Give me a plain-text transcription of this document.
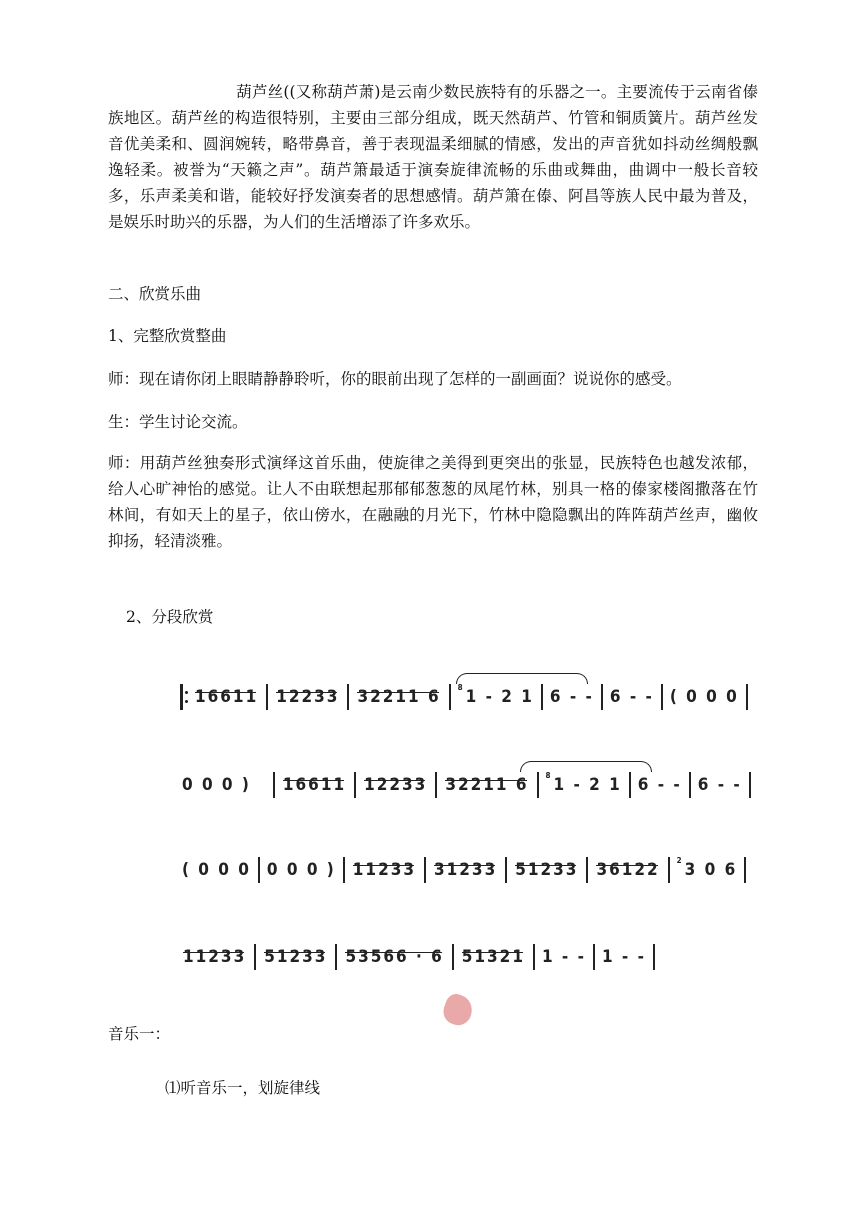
葫芦丝((又称葫芦萧)是云南少数民族特有的乐器之一。主要流传于云南省傣族地区。葫芦丝的构造很特别，主要由三部分组成，既天然葫芦、竹管和铜质簧片。葫芦丝发音优美柔和、圆润婉转，略带鼻音，善于表现温柔细腻的情感，发出的声音犹如抖动丝绸般飘逸轻柔。被誉为“天籁之声”。葫芦箫最适于演奏旋律流畅的乐曲或舞曲，曲调中一般长音较多，乐声柔美和谐，能较好抒发演奏者的思想感情。葫芦箫在傣、阿昌等族人民中最为普及，是娱乐时助兴的乐器，为人们的生活增添了许多欢乐。

二、欣赏乐曲

1、完整欣赏整曲

师：现在请你闭上眼睛静静聆听，你的眼前出现了怎样的一副画面？说说你的感受。

生：学生讨论交流。

师：用葫芦丝独奏形式演绎这首乐曲，使旋律之美得到更突出的张显，民族特色也越发浓郁，给人心旷神怡的感觉。让人不由联想起那郁郁葱葱的凤尾竹林，别具一格的傣家楼阁撒落在竹林间，有如天上的星子，依山傍水，在融融的月光下，竹林中隐隐飘出的阵阵葫芦丝声，幽攸抑扬，轻清淡雅。

2、分段欣赏

16611 12233 32211 6	8 1 - 2 1 6 - - 6 - - ( 0 0 0
0 0 0 ) 16611 12233 32211 6	8 1 - 2 1 6 - - 6 - -
( 0 0 0 0 0 0 ) 11233 31233 51233 36122	2 3 0 6
11233 51233 53566 · 6 51321 1 - - 1 - -

音乐一：

⑴听音乐一，划旋律线
